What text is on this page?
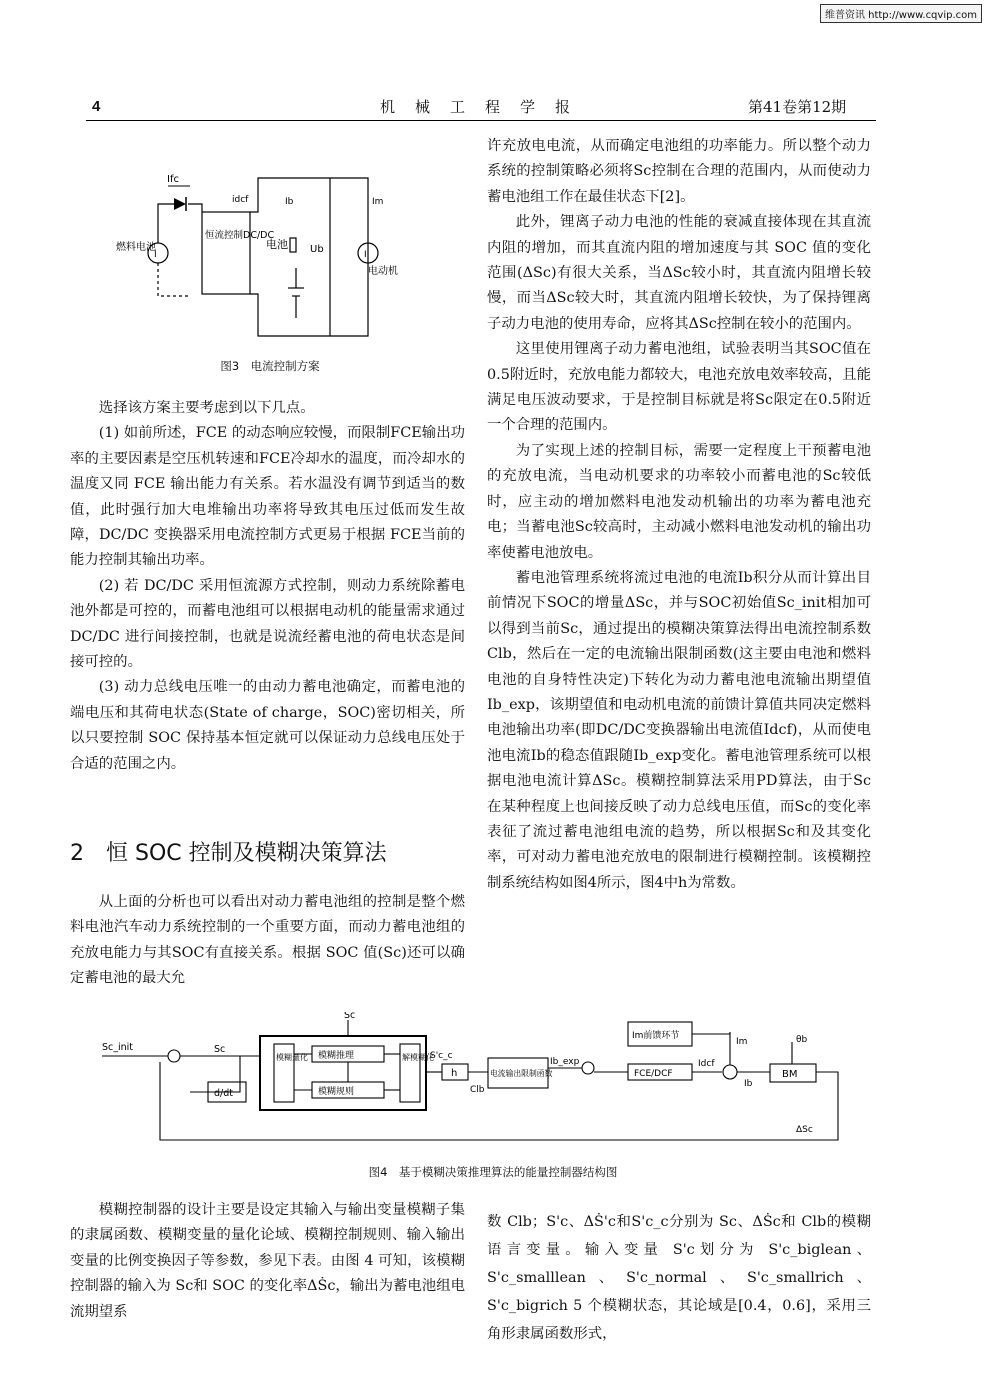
维普资讯 http://www.cqvip.com
4	机械工程学报	第41卷第12期
Ifc
燃料电池
I
恒流控制DC/DC
idcf	Ib
电池 Ub
Im
I
电动机
图3　电流控制方案

选择该方案主要考虑到以下几点。

(1) 如前所述，FCE 的动态响应较慢，而限制FCE输出功率的主要因素是空压机转速和FCE冷却水的温度，而冷却水的温度又同 FCE 输出能力有关系。若水温没有调节到适当的数值，此时强行加大电堆输出功率将导致其电压过低而发生故障，DC/DC 变换器采用电流控制方式更易于根据 FCE当前的能力控制其输出功率。

(2) 若 DC/DC 采用恒流源方式控制，则动力系统除蓄电池外都是可控的，而蓄电池组可以根据电动机的能量需求通过 DC/DC 进行间接控制，也就是说流经蓄电池的荷电状态是间接可控的。

(3) 动力总线电压唯一的由动力蓄电池确定，而蓄电池的端电压和其荷电状态(State of charge，SOC)密切相关，所以只要控制 SOC 保持基本恒定就可以保证动力总线电压处于合适的范围之内。

2　恒 SOC 控制及模糊决策算法

从上面的分析也可以看出对动力蓄电池组的控制是整个燃料电池汽车动力系统控制的一个重要方面，而动力蓄电池组的充放电能力与其SOC有直接关系。根据 SOC 值(Sc)还可以确定蓄电池的最大允

许充放电电流，从而确定电池组的功率能力。所以整个动力系统的控制策略必须将Sc控制在合理的范围内，从而使动力蓄电池组工作在最佳状态下[2]。

此外，锂离子动力电池的性能的衰减直接体现在其直流内阻的增加，而其直流内阻的增加速度与其 SOC 值的变化范围(ΔSc)有很大关系，当ΔSc较小时，其直流内阻增长较慢，而当ΔSc较大时，其直流内阻增长较快，为了保持锂离子动力电池的使用寿命，应将其ΔSc控制在较小的范围内。

这里使用锂离子动力蓄电池组，试验表明当其SOC值在0.5附近时，充放电能力都较大，电池充放电效率较高，且能满足电压波动要求，于是控制目标就是将Sc限定在0.5附近一个合理的范围内。

为了实现上述的控制目标，需要一定程度上干预蓄电池的充放电流，当电动机要求的功率较小而蓄电池的Sc较低时，应主动的增加燃料电池发动机输出的功率为蓄电池充电；当蓄电池Sc较高时，主动减小燃料电池发动机的输出功率使蓄电池放电。

蓄电池管理系统将流过电池的电流Ib积分从而计算出目前情况下SOC的增量ΔSc，并与SOC初始值Sc_init相加可以得到当前Sc，通过提出的模糊决策算法得出电流控制系数Clb，然后在一定的电流输出限制函数(这主要由电池和燃料电池的自身特性决定)下转化为动力蓄电池电流输出期望值Ib_exp，该期望值和电动机电流的前馈计算值共同决定燃料电池输出功率(即DC/DC变换器输出电流值Idcf)，从而使电池电流Ib的稳态值跟随Ib_exp变化。蓄电池管理系统可以根据电池电流计算ΔSc。模糊控制算法采用PD算法，由于Sc在某种程度上也间接反映了动力总线电压值，而Sc的变化率表征了流过蓄电池组电流的趋势，所以根据Sc和及其变化率，可对动力蓄电池充放电的限制进行模糊控制。该模糊控制系统结构如图4所示，图4中h为常数。

Sc_init
Sc
Sc
d/dt
模糊量化 模糊推理
模糊规则
解模糊化
S'c_c
h
Clb
电流输出限制函数
Ib_exp
Im前馈环节
Im
FCE/DCF
Idcf
Ib
BM
θb
ΔSc
图4　基于模糊决策推理算法的能量控制器结构图

模糊控制器的设计主要是设定其输入与输出变量模糊子集的隶属函数、模糊变量的量化论域、模糊控制规则、输入输出变量的比例变换因子等参数，参见下表。由图 4 可知，该模糊控制器的输入为 Sc和 SOC 的变化率ΔṠc，输出为蓄电池组电流期望系

数 Clb；S'c、ΔṠ'c和S'c_c分别为 Sc、ΔṠc和 Clb的模糊语言变量。输入变量 S'c划分为 S'c_biglean、S'c_smalllean、S'c_normal、S'c_smallrich、S'c_bigrich 5 个模糊状态，其论域是[0.4，0.6]，采用三角形隶属函数形式，
